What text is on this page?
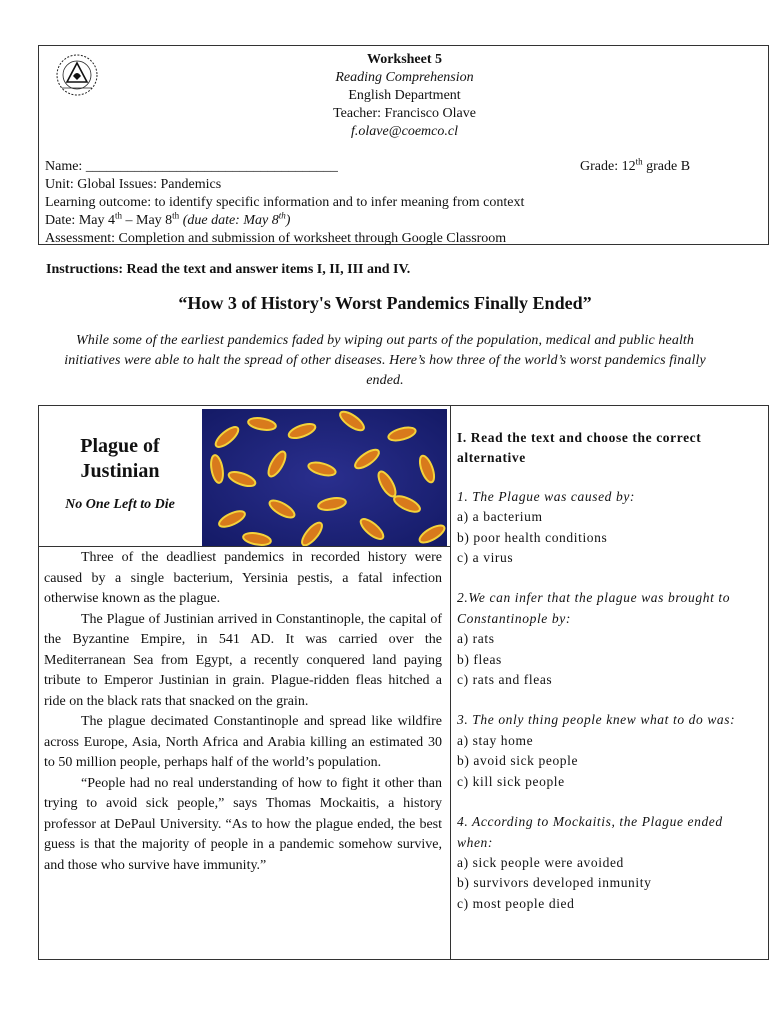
Worksheet 5
Reading Comprehension
English Department
Teacher: Francisco Olave
f.olave@coemco.cl
Name: ____________________________________
Unit: Global Issues: Pandemics
Learning outcome: to identify specific information and to infer meaning from context
Date: May 4th – May 8th (due date: May 8th)
Assessment: Completion and submission of worksheet through Google Classroom
Grade: 12th grade B
Instructions: Read the text and answer items I, II, III and IV.
“How 3 of History's Worst Pandemics Finally Ended”
While some of the earliest pandemics faded by wiping out parts of the population, medical and public health initiatives were able to halt the spread of other diseases. Here’s how three of the world’s worst pandemics finally ended.
Plague of
Justinian
No One Left to Die

Three of the deadliest pandemics in recorded history were caused by a single bacterium, Yersinia pestis, a fatal infection otherwise known as the plague.

The Plague of Justinian arrived in Constantinople, the capital of the Byzantine Empire, in 541 AD. It was carried over the Mediterranean Sea from Egypt, a recently conquered land paying tribute to Emperor Justinian in grain. Plague-ridden fleas hitched a ride on the black rats that snacked on the grain.

The plague decimated Constantinople and spread like wildfire across Europe, Asia, North Africa and Arabia killing an estimated 30 to 50 million people, perhaps half of the world’s population.

“People had no real understanding of how to fight it other than trying to avoid sick people,” says Thomas Mockaitis, a history professor at DePaul University. “As to how the plague ended, the best guess is that the majority of people in a pandemic somehow survive, and those who survive have immunity.”

I. Read the text and choose the correct alternative
1. The Plague was caused by:
a) a bacterium
b) poor health conditions
c) a virus
2.We can infer that the plague was brought to Constantinople by:
a) rats
b) fleas
c) rats and fleas
3. The only thing people knew what to do was:
a) stay home
b) avoid sick people
c) kill sick people
4. According to Mockaitis, the Plague ended when:
a) sick people were avoided
b) survivors developed inmunity
c) most people died
